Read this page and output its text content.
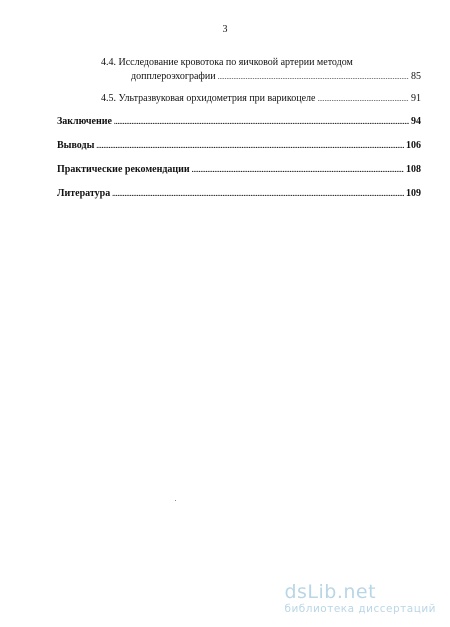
3
4.4. Исследование кровотока по яичковой артерии методом
допплероэхографии .....	85
4.5. Ультразвуковая орхидометрия при варикоцеле .....	91
Заключение .....	94
Выводы .....	106
Практические рекомендации .....	108
Литература .....	109
dsLib.net
библиотека диссертаций
